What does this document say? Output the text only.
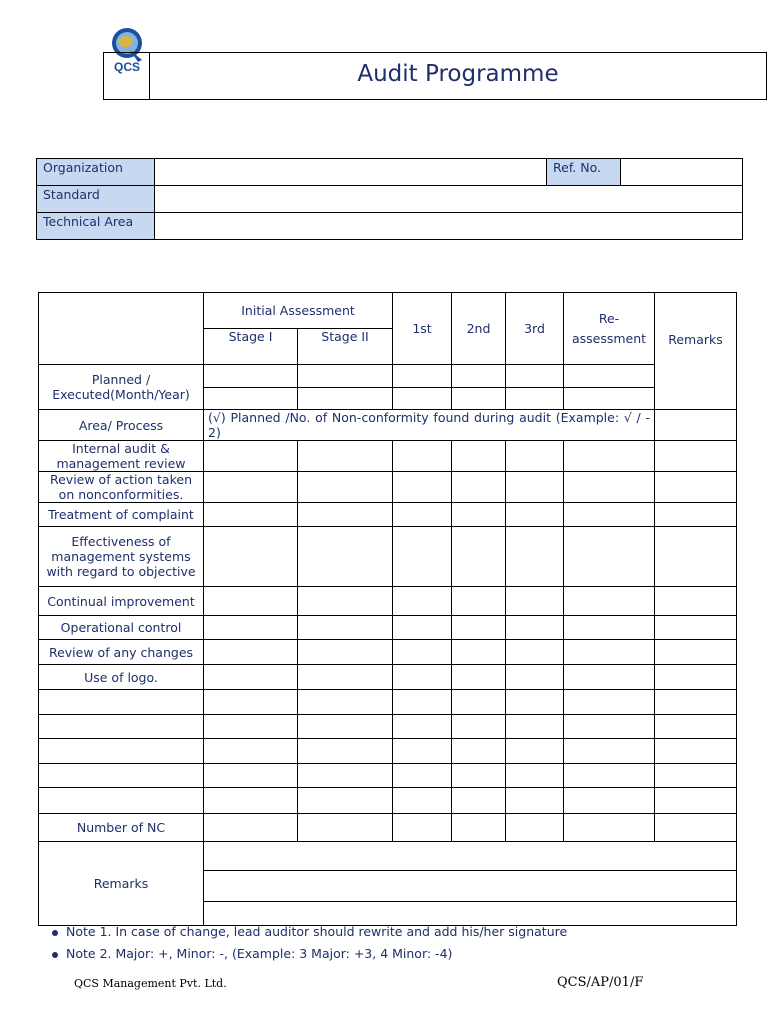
QCS	Audit Programme
Organization		Ref. No.	
Standard			
Technical Area			
	Initial Assessment		1st	2nd	3rd	Re-assessment	Remarks	
	Stage I	Stage II						
Planned / Executed(Month/Year)								

Area/ Process	(√) Planned /No. of Non-conformity found during audit (Example: √ / - 2)							
Internal audit & management review								
Review of action taken on nonconformities.								
Treatment of complaint								
Effectiveness of management systems with regard to objective								
Continual improvement								
Operational control								
Review of any changes								
Use of logo.								

Number of NC								
Remarks								

Note 1. In case of change, lead auditor should rewrite and add his/her signature
Note 2. Major: +, Minor: -, (Example: 3 Major: +3, 4 Minor: -4)
QCS Management Pvt. Ltd.	QCS/AP/01/F
